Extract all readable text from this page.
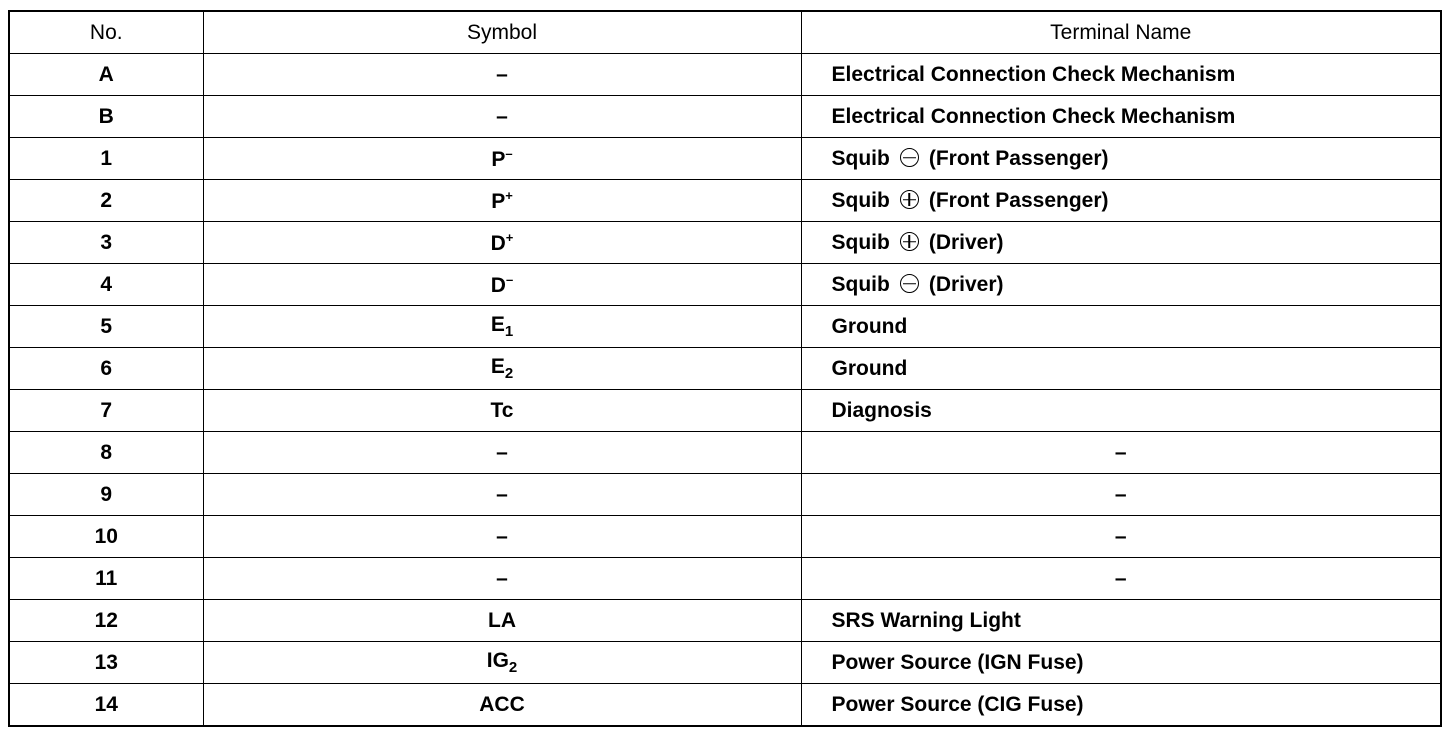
No.	Symbol	Terminal Name
A	–	Electrical Connection Check Mechanism
B	–	Electrical Connection Check Mechanism
1	P–	Squib (Front Passenger)
2	P+	Squib (Front Passenger)
3	D+	Squib (Driver)
4	D–	Squib (Driver)
5	$E_1$	Ground
6	$E_2$	Ground
7	Tc	Diagnosis
8	–	–
9	–	–
10	–	–
11	–	–
12	LA	SRS Warning Light
13	$IG_2$	Power Source (IGN Fuse)
14	ACC	Power Source (CIG Fuse)
